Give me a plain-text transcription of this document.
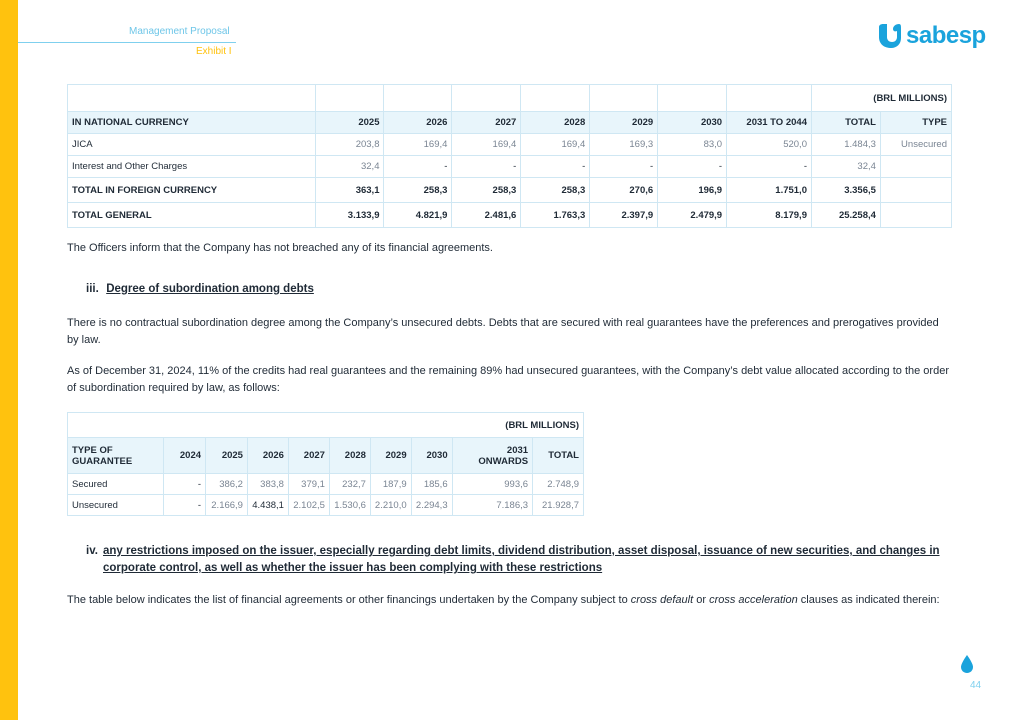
Management Proposal
Exhibit I
sabesp
								(BRL MILLIONS)	
IN NATIONAL CURRENCY	2025	2026	2027	2028	2029	2030	2031 TO 2044	TOTAL	TYPE
JICA	203,8	169,4	169,4	169,4	169,3	83,0	520,0	1.484,3	Unsecured
Interest and Other Charges	32,4	-	-	-	-	-	-	32,4	
TOTAL IN FOREIGN CURRENCY	363,1	258,3	258,3	258,3	270,6	196,9	1.751,0	3.356,5	
TOTAL GENERAL	3.133,9	4.821,9	2.481,6	1.763,3	2.397,9	2.479,9	8.179,9	25.258,4	

The Officers inform that the Company has not breached any of its financial agreements.

iii. Degree of subordination among debts

There is no contractual subordination degree among the Company’s unsecured debts. Debts that are secured with real guarantees have the preferences and prerogatives provided by law.

As of December 31, 2024, 11% of the credits had real guarantees and the remaining 89% had unsecured guarantees, with the Company’s debt value allocated according to the order of subordination required by law, as follows:

(BRL MILLIONS)									
TYPE OF GUARANTEE	2024	2025	2026	2027	2028	2029	2030	2031 ONWARDS	TOTAL
Secured	-	386,2	383,8	379,1	232,7	187,9	185,6	993,6	2.748,9
Unsecured	-	2.166,9	4.438,1	2.102,5	1.530,6	2.210,0	2.294,3	7.186,3	21.928,7
iv. any restrictions imposed on the issuer, especially regarding debt limits, dividend distribution, asset disposal, issuance of new securities, and changes in corporate control, as well as whether the issuer has been complying with these restrictions

The table below indicates the list of financial agreements or other financings undertaken by the Company subject to cross default or cross acceleration clauses as indicated therein:

44
